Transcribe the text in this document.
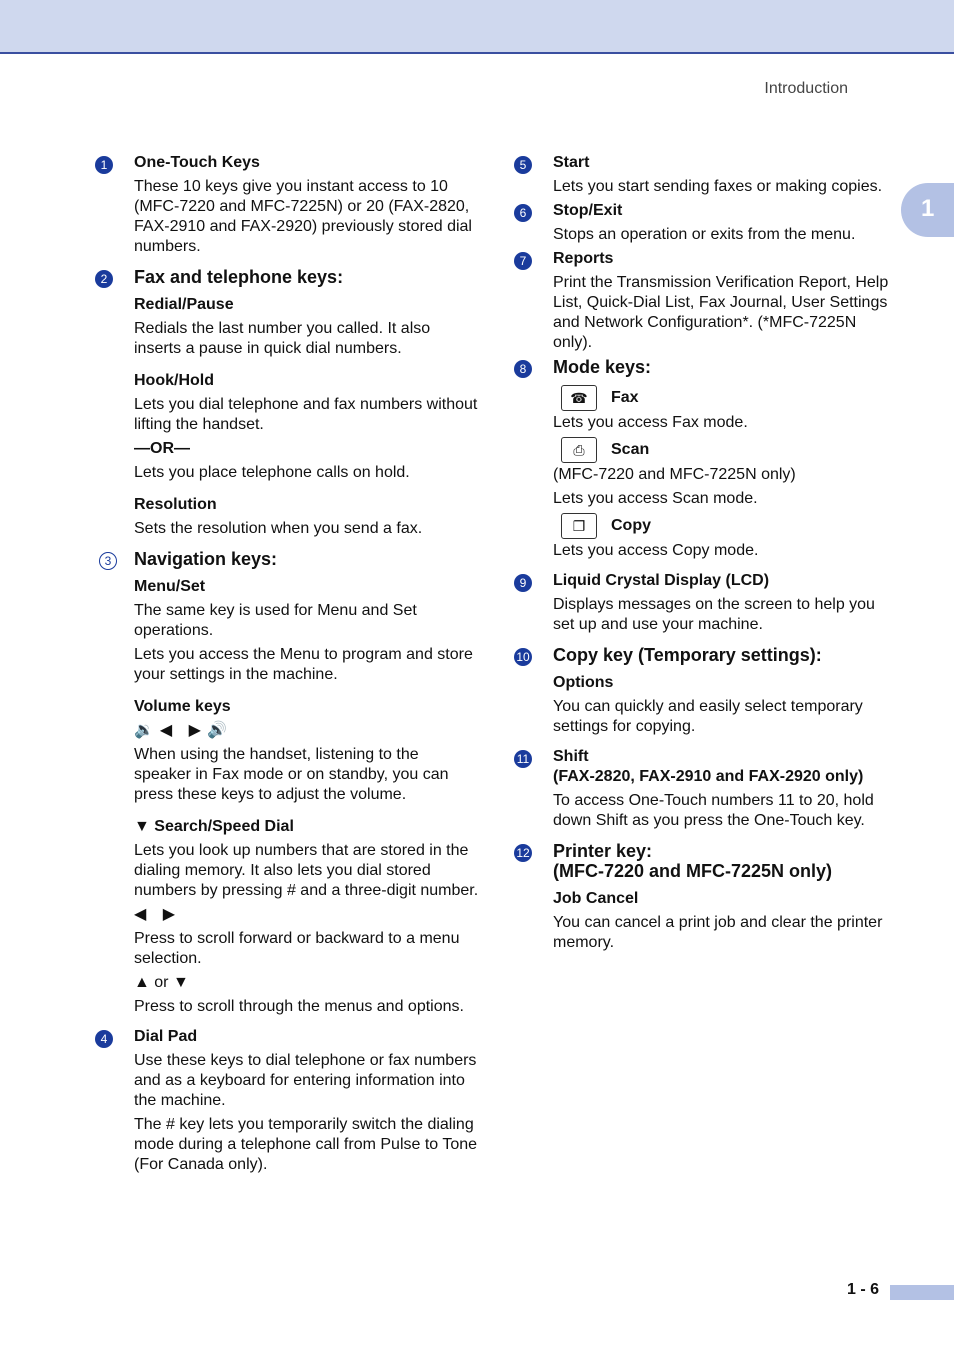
Introduction
1
1	One-Touch Keys

These 10 keys give you instant access to 10 (MFC-7220 and MFC-7225N) or 20 (FAX-2820, FAX-2910 and FAX-2920) previously stored dial numbers.

2	Fax and telephone keys:
Redial/Pause

Redials the last number you called. It also inserts a pause in quick dial numbers.

Hook/Hold

Lets you dial telephone and fax numbers without lifting the handset.

—OR—

Lets you place telephone calls on hold.

Resolution

Sets the resolution when you send a fax.

3	Navigation keys:
Menu/Set

The same key is used for Menu and Set operations.

Lets you access the Menu to program and store your settings in the machine.

Volume keys
🔉◀ ▶🔊

When using the handset, listening to the speaker in Fax mode or on standby, you can press these keys to adjust the volume.

▼ Search/Speed Dial

Lets you look up numbers that are stored in the dialing memory. It also lets you dial stored numbers by pressing # and a three-digit number.

◀ ▶

Press to scroll forward or backward to a menu selection.

▲ or ▼

Press to scroll through the menus and options.

4	Dial Pad

Use these keys to dial telephone or fax numbers and as a keyboard for entering information into the machine.

The # key lets you temporarily switch the dialing mode during a telephone call from Pulse to Tone (For Canada only).

5	Start

Lets you start sending faxes or making copies.

6	Stop/Exit

Stops an operation or exits from the menu.

7	Reports

Print the Transmission Verification Report, Help List, Quick-Dial List, Fax Journal, User Settings and Network Configuration*. (*MFC-7225N only).

8	Mode keys:
☎	Fax

Lets you access Fax mode.

⎙	Scan

(MFC-7220 and MFC-7225N only)

Lets you access Scan mode.

❐	Copy

Lets you access Copy mode.

9	Liquid Crystal Display (LCD)

Displays messages on the screen to help you set up and use your machine.

10 Copy key (Temporary settings):
Options

You can quickly and easily select temporary settings for copying.

11 Shift
(FAX-2820, FAX-2910 and FAX-2920 only)

To access One-Touch numbers 11 to 20, hold down Shift as you press the One-Touch key.

12 Printer key:
(MFC-7220 and MFC-7225N only)
Job Cancel

You can cancel a print job and clear the printer memory.

1 - 6
